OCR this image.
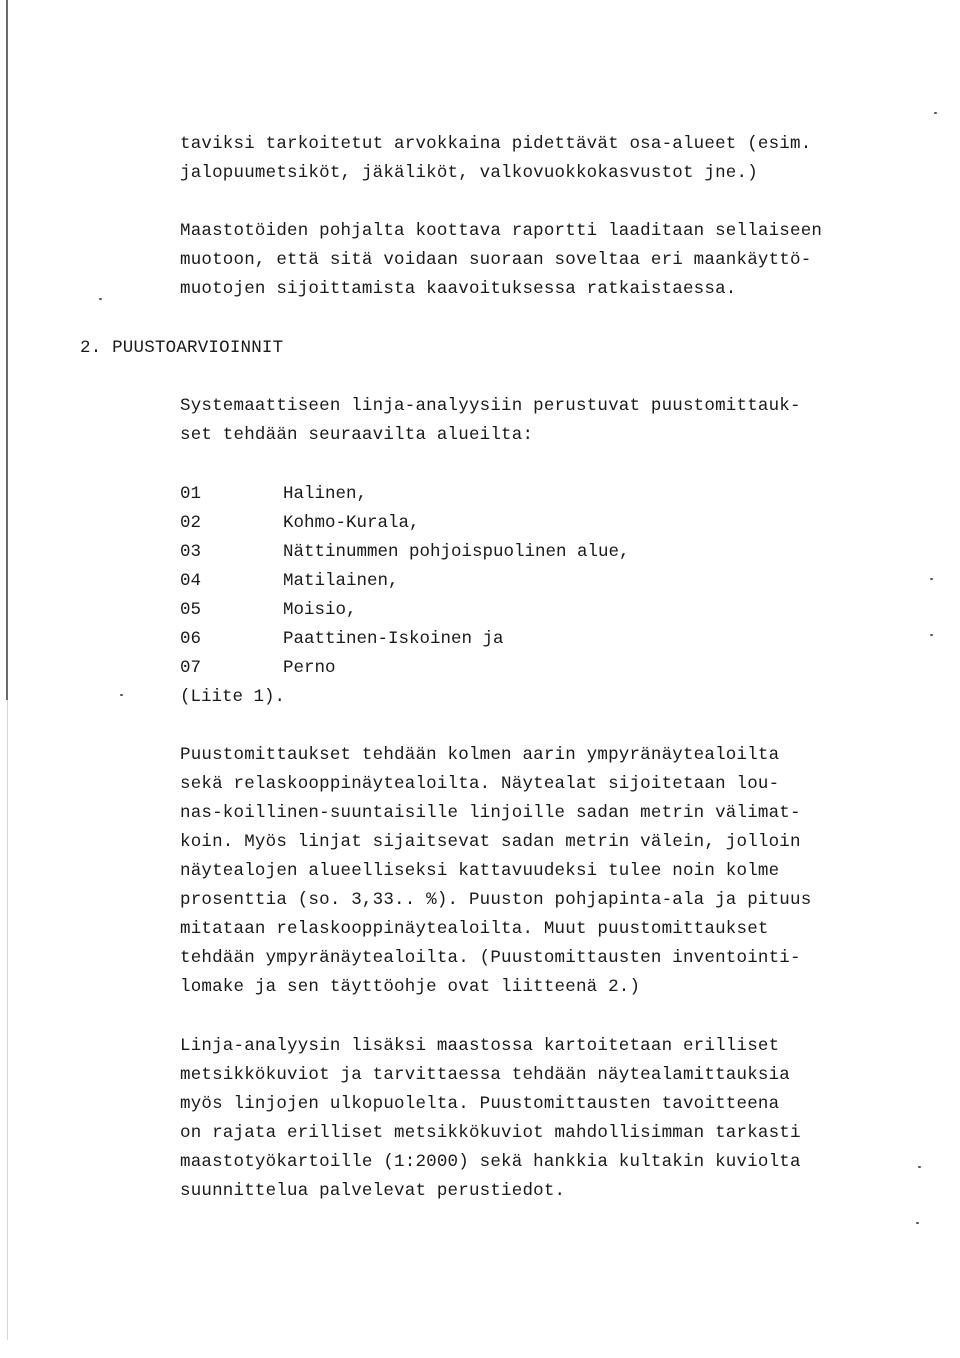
taviksi tarkoitetut arvokkaina pidettävät osa-alueet (esim.
jalopuumetsiköt, jäkäliköt, valkovuokkokasvustot jne.)
Maastotöiden pohjalta koottava raportti laaditaan sellaiseen
muotoon, että sitä voidaan suoraan soveltaa eri maankäyttö-
muotojen sijoittamista kaavoituksessa ratkaistaessa.
2. PUUSTOARVIOINNIT
Systemaattiseen linja-analyysiin perustuvat puustomittauk-
set tehdään seuraavilta alueilta:
01	Halinen,
02	Kohmo-Kurala,
03	Nättinummen pohjoispuolinen alue,
04	Matilainen,
05	Moisio,
06	Paattinen-Iskoinen ja
07	Perno
(Liite 1).
Puustomittaukset tehdään kolmen aarin ympyränäytealoilta
sekä relaskooppinäytealoilta. Näytealat sijoitetaan lou-
nas-koillinen-suuntaisille linjoille sadan metrin välimat-
koin. Myös linjat sijaitsevat sadan metrin välein, jolloin
näytealojen alueelliseksi kattavuudeksi tulee noin kolme
prosenttia (so. 3,33.. %). Puuston pohjapinta-ala ja pituus
mitataan relaskooppinäytealoilta. Muut puustomittaukset
tehdään ympyränäytealoilta. (Puustomittausten inventointi-
lomake ja sen täyttöohje ovat liitteenä 2.)
Linja-analyysin lisäksi maastossa kartoitetaan erilliset
metsikkökuviot ja tarvittaessa tehdään näytealamittauksia
myös linjojen ulkopuolelta. Puustomittausten tavoitteena
on rajata erilliset metsikkökuviot mahdollisimman tarkasti
maastotyökartoille (1:2000) sekä hankkia kultakin kuviolta
suunnittelua palvelevat perustiedot.
